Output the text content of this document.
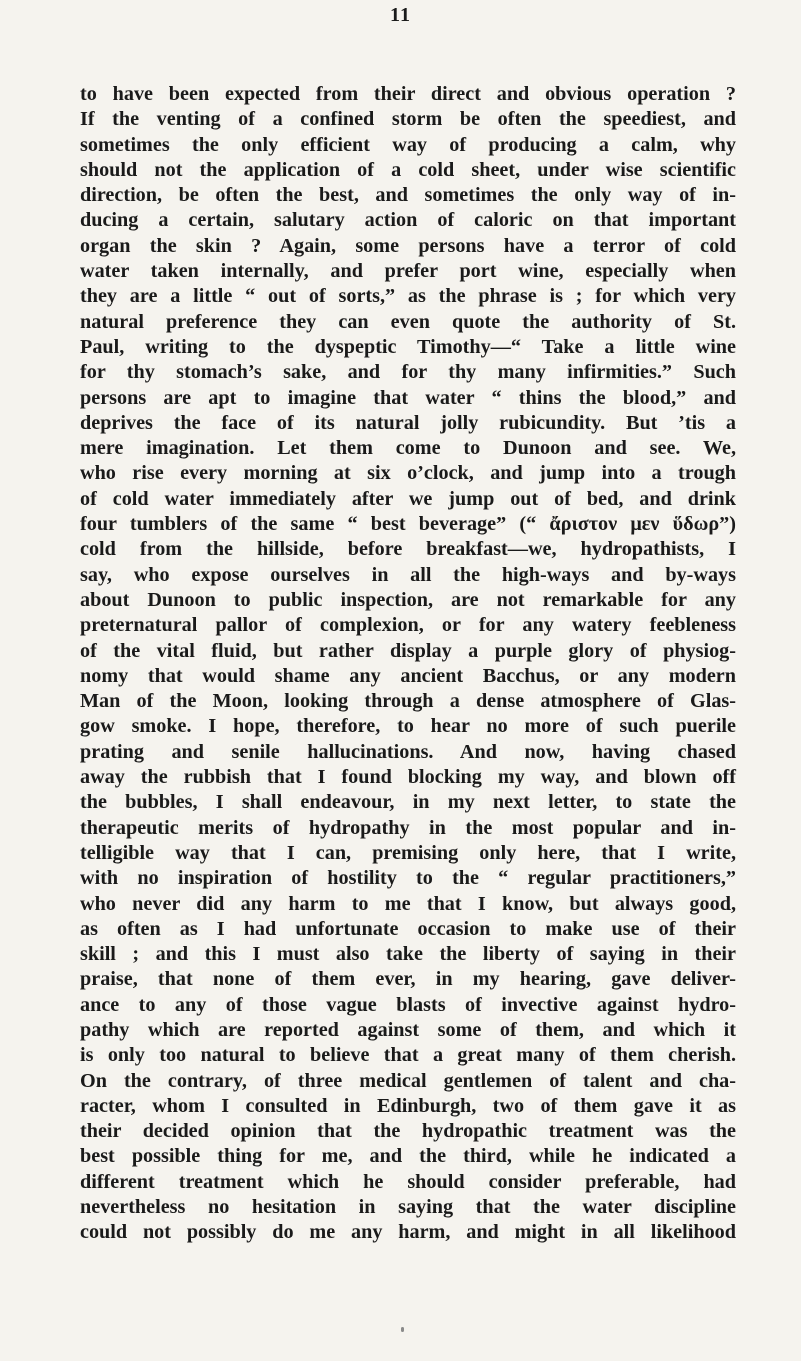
11
to have been expected from their direct and obvious operation ?
If the venting of a confined storm be often the speediest, and
sometimes the only efficient way of producing a calm, why
should not the application of a cold sheet, under wise scientific
direction, be often the best, and sometimes the only way of in-
ducing a certain, salutary action of caloric on that important
organ the skin ? Again, some persons have a terror of cold
water taken internally, and prefer port wine, especially when
they are a little “ out of sorts,” as the phrase is ; for which very
natural preference they can even quote the authority of St.
Paul, writing to the dyspeptic Timothy—“ Take a little wine
for thy stomach’s sake, and for thy many infirmities.” Such
persons are apt to imagine that water “ thins the blood,” and
deprives the face of its natural jolly rubicundity. But ’tis a
mere imagination. Let them come to Dunoon and see. We,
who rise every morning at six o’clock, and jump into a trough
of cold water immediately after we jump out of bed, and drink
four tumblers of the same “ best beverage” (“ ἄριστον μεν ὕδωρ”)
cold from the hillside, before breakfast—we, hydropathists, I
say, who expose ourselves in all the high-ways and by-ways
about Dunoon to public inspection, are not remarkable for any
preternatural pallor of complexion, or for any watery feebleness
of the vital fluid, but rather display a purple glory of physiog-
nomy that would shame any ancient Bacchus, or any modern
Man of the Moon, looking through a dense atmosphere of Glas-
gow smoke. I hope, therefore, to hear no more of such puerile
prating and senile hallucinations. And now, having chased
away the rubbish that I found blocking my way, and blown off
the bubbles, I shall endeavour, in my next letter, to state the
therapeutic merits of hydropathy in the most popular and in-
telligible way that I can, premising only here, that I write,
with no inspiration of hostility to the “ regular practitioners,”
who never did any harm to me that I know, but always good,
as often as I had unfortunate occasion to make use of their
skill ; and this I must also take the liberty of saying in their
praise, that none of them ever, in my hearing, gave deliver-
ance to any of those vague blasts of invective against hydro-
pathy which are reported against some of them, and which it
is only too natural to believe that a great many of them cherish.
On the contrary, of three medical gentlemen of talent and cha-
racter, whom I consulted in Edinburgh, two of them gave it as
their decided opinion that the hydropathic treatment was the
best possible thing for me, and the third, while he indicated a
different treatment which he should consider preferable, had
nevertheless no hesitation in saying that the water discipline
could not possibly do me any harm, and might in all likelihood
